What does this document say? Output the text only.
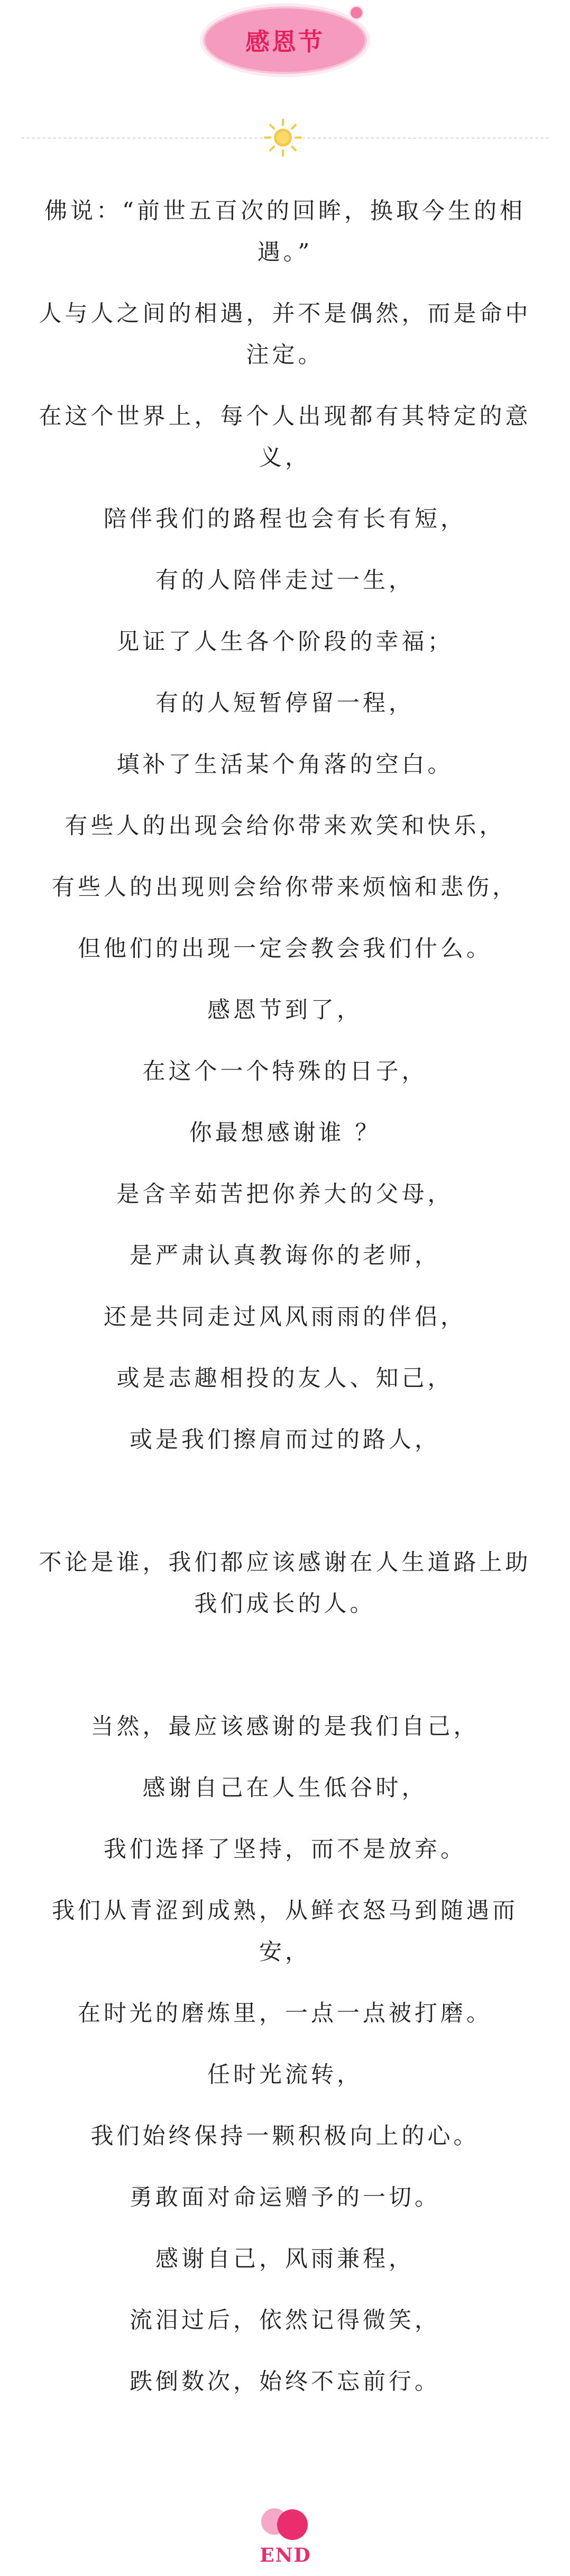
感恩节
佛说：“前世五百次的回眸，换取今生的相遇。”
人与人之间的相遇，并不是偶然，而是命中注定。
在这个世界上，每个人出现都有其特定的意义，
陪伴我们的路程也会有长有短，
有的人陪伴走过一生，
见证了人生各个阶段的幸福；
有的人短暂停留一程，
填补了生活某个角落的空白。
有些人的出现会给你带来欢笑和快乐，
有些人的出现则会给你带来烦恼和悲伤，
但他们的出现一定会教会我们什么。
感恩节到了，
在这个一个特殊的日子，
你最想感谢谁 ？
是含辛茹苦把你养大的父母，
是严肃认真教诲你的老师，
还是共同走过风风雨雨的伴侣，
或是志趣相投的友人、知己，
或是我们擦肩而过的路人，
不论是谁，我们都应该感谢在人生道路上助我们成长的人。
当然，最应该感谢的是我们自己，
感谢自己在人生低谷时，
我们选择了坚持，而不是放弃。
我们从青涩到成熟，从鲜衣怒马到随遇而安，
在时光的磨炼里，一点一点被打磨。
任时光流转，
我们始终保持一颗积极向上的心。
勇敢面对命运赠予的一切。
感谢自己，风雨兼程，
流泪过后，依然记得微笑，
跌倒数次，始终不忘前行。
END
